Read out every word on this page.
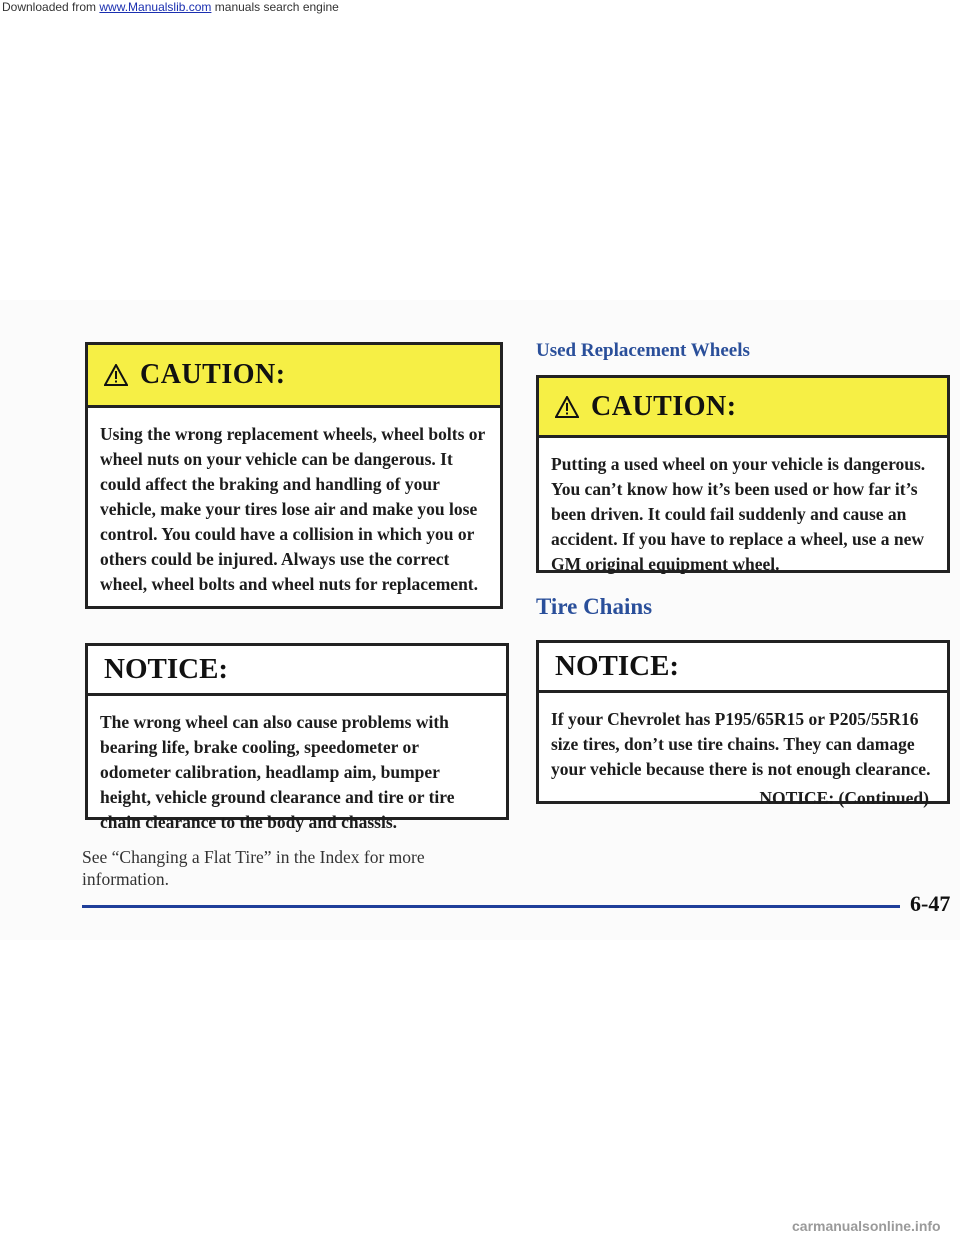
Downloaded from www.Manualslib.com manuals search engine
CAUTION:
Using the wrong replacement wheels, wheel bolts or wheel nuts on your vehicle can be dangerous. It could affect the braking and handling of your vehicle, make your tires lose air and make you lose control. You could have a collision in which you or others could be injured. Always use the correct wheel, wheel bolts and wheel nuts for replacement.
NOTICE:
The wrong wheel can also cause problems with bearing life, brake cooling, speedometer or odometer calibration, headlamp aim, bumper height, vehicle ground clearance and tire or tire chain clearance to the body and chassis.
See “Changing a Flat Tire” in the Index for more information.
Used Replacement Wheels
CAUTION:
Putting a used wheel on your vehicle is dangerous. You can’t know how it’s been used or how far it’s been driven. It could fail suddenly and cause an accident. If you have to replace a wheel, use a new GM original equipment wheel.
Tire Chains
NOTICE:
If your Chevrolet has P195/65R15 or P205/55R16 size tires, don’t use tire chains. They can damage your vehicle because there is not enough clearance.
NOTICE: (Continued)
6-47
carmanualsonline.info
